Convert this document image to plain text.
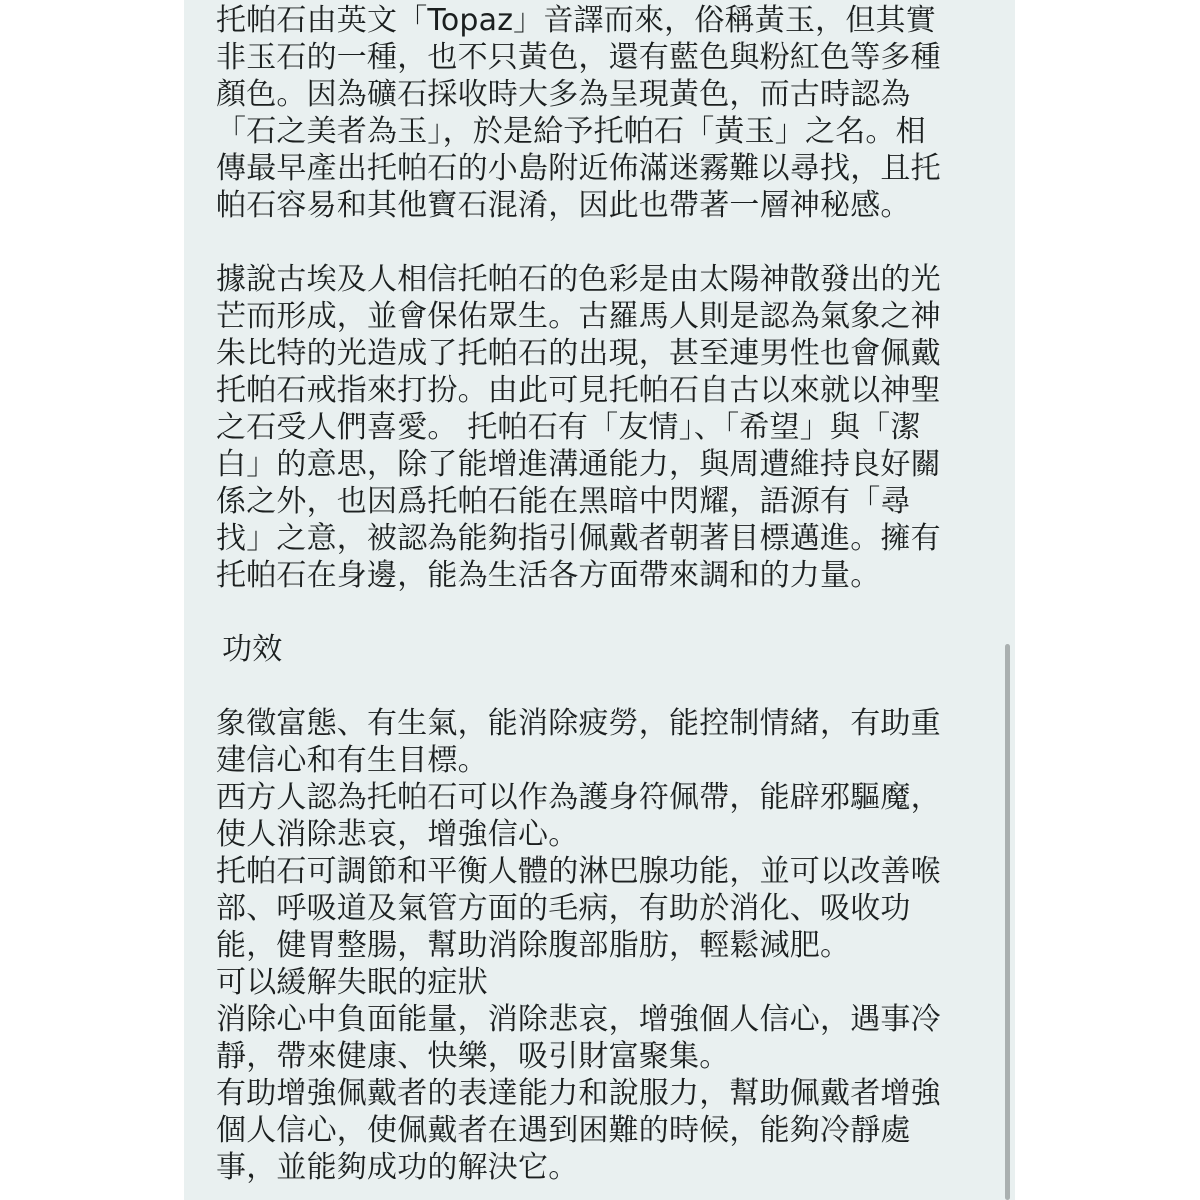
托帕石由英文「Topaz」音譯而來，俗稱黃玉，但其實
非玉石的一種，也不只黃色，還有藍色與粉紅色等多種
顏色。因為礦石採收時大多為呈現黃色，而古時認為
「石之美者為玉」，於是給予托帕石「黃玉」之名。相
傳最早產出托帕石的小島附近佈滿迷霧難以尋找，且托
帕石容易和其他寶石混淆，因此也帶著一層神秘感。
據說古埃及人相信托帕石的色彩是由太陽神散發出的光
芒而形成，並會保佑眾生。古羅馬人則是認為氣象之神
朱比特的光造成了托帕石的出現，甚至連男性也會佩戴
托帕石戒指來打扮。由此可見托帕石自古以來就以神聖
之石受人們喜愛。 托帕石有「友情」、「希望」與「潔
白」的意思，除了能增進溝通能力，與周遭維持良好關
係之外，也因爲托帕石能在黑暗中閃耀，語源有「尋
找」之意，被認為能夠指引佩戴者朝著目標邁進。擁有
托帕石在身邊，能為生活各方面帶來調和的力量。
功效
象徵富態、有生氣，能消除疲勞，能控制情緒，有助重
建信心和有生目標。
西方人認為托帕石可以作為護身符佩帶，能辟邪驅魔，
使人消除悲哀，增強信心。
托帕石可調節和平衡人體的淋巴腺功能，並可以改善喉
部、呼吸道及氣管方面的毛病，有助於消化、吸收功
能，健胃整腸，幫助消除腹部脂肪，輕鬆減肥。
可以緩解失眠的症狀
消除心中負面能量，消除悲哀，增強個人信心，遇事冷
靜，帶來健康、快樂，吸引財富聚集。
有助增強佩戴者的表達能力和說服力，幫助佩戴者增強
個人信心，使佩戴者在遇到困難的時候，能夠冷靜處
事，並能夠成功的解決它。
